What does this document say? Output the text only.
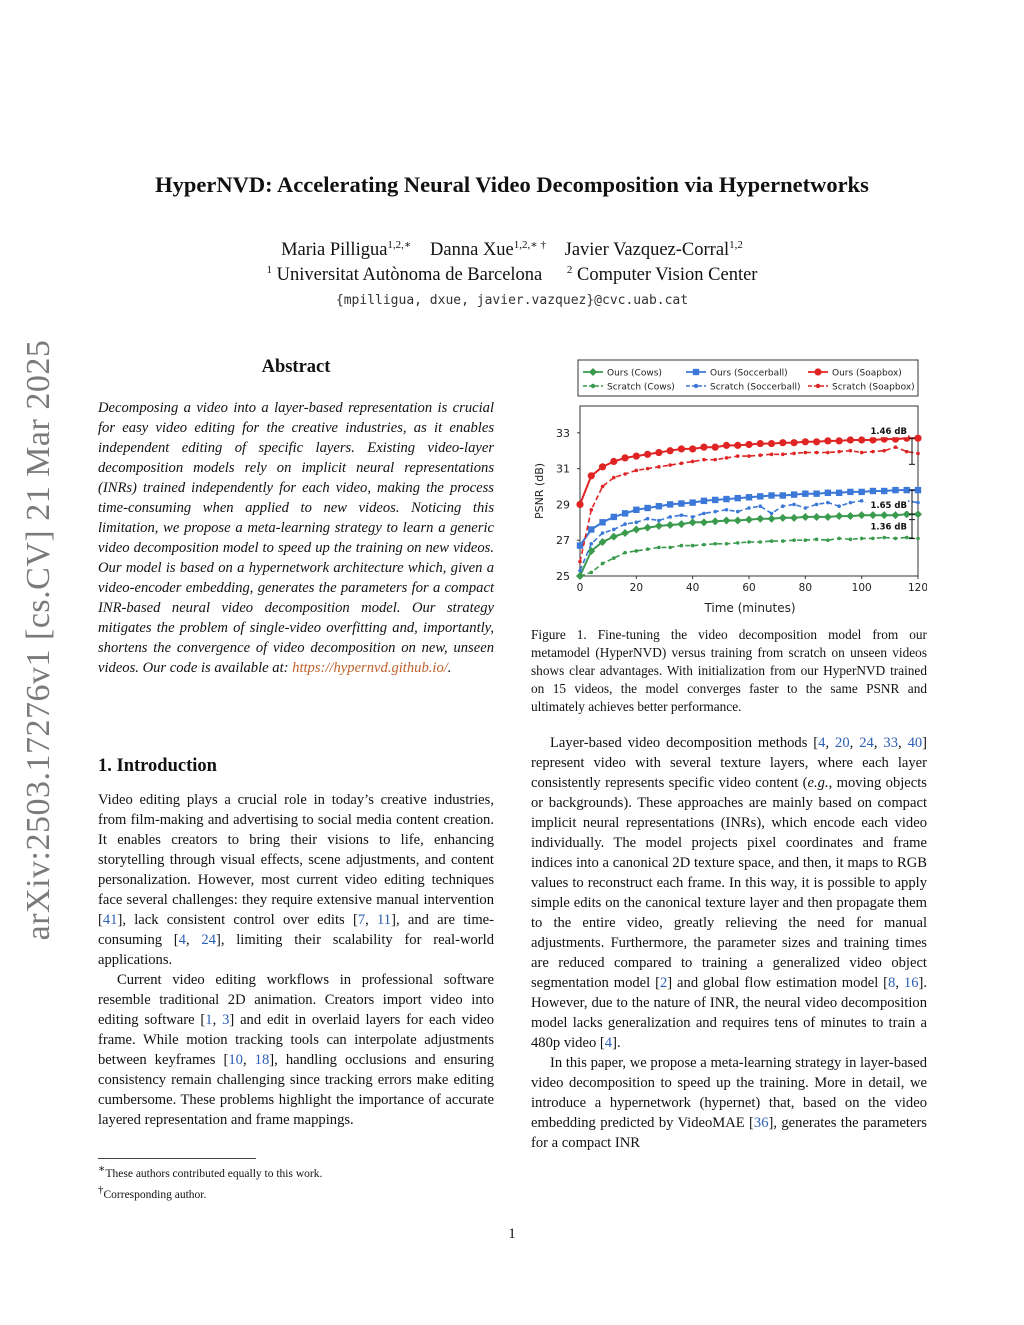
arXiv:2503.17276v1 [cs.CV] 21 Mar 2025
HyperNVD: Accelerating Neural Video Decomposition via Hypernetworks
Maria Pilligua$^{1,2,∗}$ Danna Xue$^{1,2,∗ \dagger}$ Javier Vazquez-Corral$^{1,2}$
$^1$ Universitat Autònoma de Barcelona $^2$ Computer Vision Center
{mpilligua, dxue, javier.vazquez}@cvc.uab.cat
Abstract
Decomposing a video into a layer-based representation is crucial for easy video editing for the creative industries, as it enables independent editing of specific layers. Existing video-layer decomposition models rely on implicit neural representations (INRs) trained independently for each video, making the process time-consuming when applied to new videos. Noticing this limitation, we propose a meta-learning strategy to learn a generic video decomposition model to speed up the training on new videos. Our model is based on a hypernetwork architecture which, given a video-encoder embedding, generates the parameters for a compact INR-based neural video decomposition model. Our strategy mitigates the problem of single-video overfitting and, importantly, shortens the convergence of video decomposition on new, unseen videos. Our code is available at: https://hypernvd.github.io/.
1. Introduction

Video editing plays a crucial role in today’s creative industries, from film-making and advertising to social media content creation. It enables creators to bring their visions to life, enhancing storytelling through visual effects, scene adjustments, and content personalization. However, most current video editing techniques face several challenges: they require extensive manual intervention [41], lack consistent control over edits [7, 11], and are time-consuming [4, 24], limiting their scalability for real-world applications.

Current video editing workflows in professional software resemble traditional 2D animation. Creators import video into editing software [1, 3] and edit in overlaid layers for each video frame. While motion tracking tools can interpolate adjustments between keyframes [10, 18], handling occlusions and ensuring consistency remain challenging since tracking errors make editing cumbersome. These problems highlight the importance of accurate layered representation and frame mappings.

∗These authors contributed equally to this work.
†Corresponding author.
Ours (Cows)	Ours (Soccerball)	Ours (Soapbox)
Scratch (Cows)	Scratch (Soccerball)	Scratch (Soapbox)
0	20	40	60	80	100	120
25
27
29
31
33	1.46 dB
1.65 dB
1.36 dB
Time (minutes)
PSNR (dB)
Figure 1. Fine-tuning the video decomposition model from our metamodel (HyperNVD) versus training from scratch on unseen videos shows clear advantages. With initialization from our HyperNVD trained on 15 videos, the model converges faster to the same PSNR and ultimately achieves better performance.

Layer-based video decomposition methods [4, 20, 24, 33, 40] represent video with several texture layers, where each layer consistently represents specific video content (e.g., moving objects or backgrounds). These approaches are mainly based on compact implicit neural representations (INRs), which encode each video individually. The model projects pixel coordinates and frame indices into a canonical 2D texture space, and then, it maps to RGB values to reconstruct each frame. In this way, it is possible to apply simple edits on the canonical texture layer and then propagate them to the entire video, greatly relieving the need for manual adjustments. Furthermore, the parameter sizes and training times are reduced compared to training a generalized video object segmentation model [2] and global flow estimation model [8, 16]. However, due to the nature of INR, the neural video decomposition model lacks generalization and requires tens of minutes to train a 480p video [4].

In this paper, we propose a meta-learning strategy in layer-based video decomposition to speed up the training. More in detail, we introduce a hypernetwork (hypernet) that, based on the video embedding predicted by VideoMAE [36], generates the parameters for a compact INR

1
